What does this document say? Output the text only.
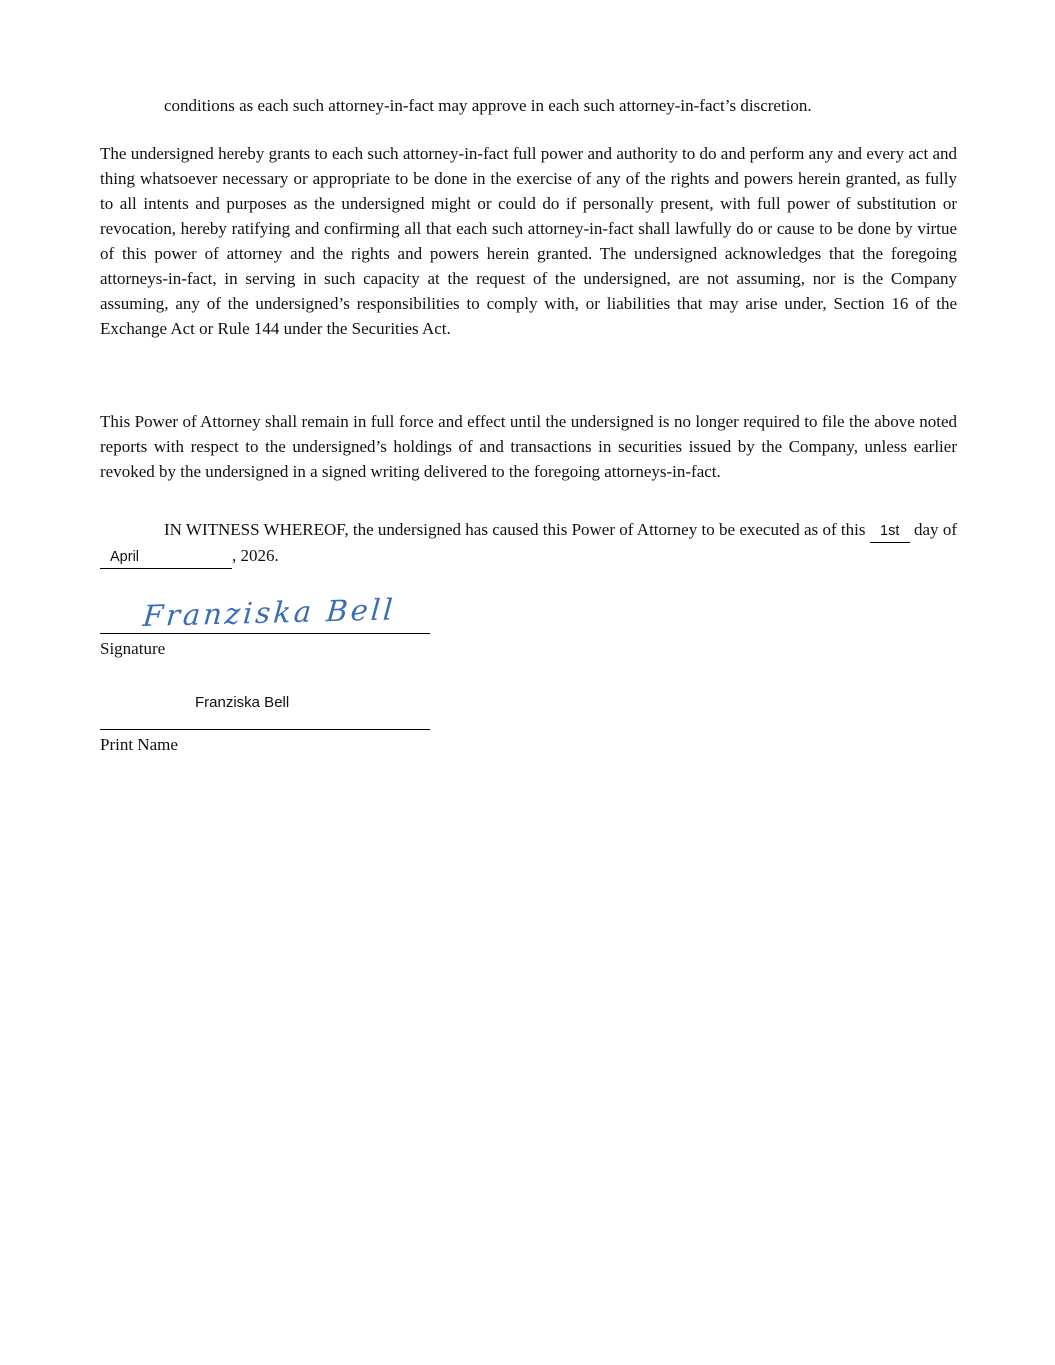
conditions as each such attorney-in-fact may approve in each such attorney-in-fact’s discretion.

The undersigned hereby grants to each such attorney-in-fact full power and authority to do and perform any and every act and thing whatsoever necessary or appropriate to be done in the exercise of any of the rights and powers herein granted, as fully to all intents and purposes as the undersigned might or could do if personally present, with full power of substitution or revocation, hereby ratifying and confirming all that each such attorney-in-fact shall lawfully do or cause to be done by virtue of this power of attorney and the rights and powers herein granted. The undersigned acknowledges that the foregoing attorneys-in-fact, in serving in such capacity at the request of the undersigned, are not assuming, nor is the Company assuming, any of the undersigned’s responsibilities to comply with, or liabilities that may arise under, Section 16 of the Exchange Act or Rule 144 under the Securities Act.

This Power of Attorney shall remain in full force and effect until the undersigned is no longer required to file the above noted reports with respect to the undersigned’s holdings of and transactions in securities issued by the Company, unless earlier revoked by the undersigned in a signed writing delivered to the foregoing attorneys-in-fact.

IN WITNESS WHEREOF, the undersigned has caused this Power of Attorney to be executed as of this 1st day of April	, 2026.

Franziska Bell
Signature
Franziska Bell
Print Name
